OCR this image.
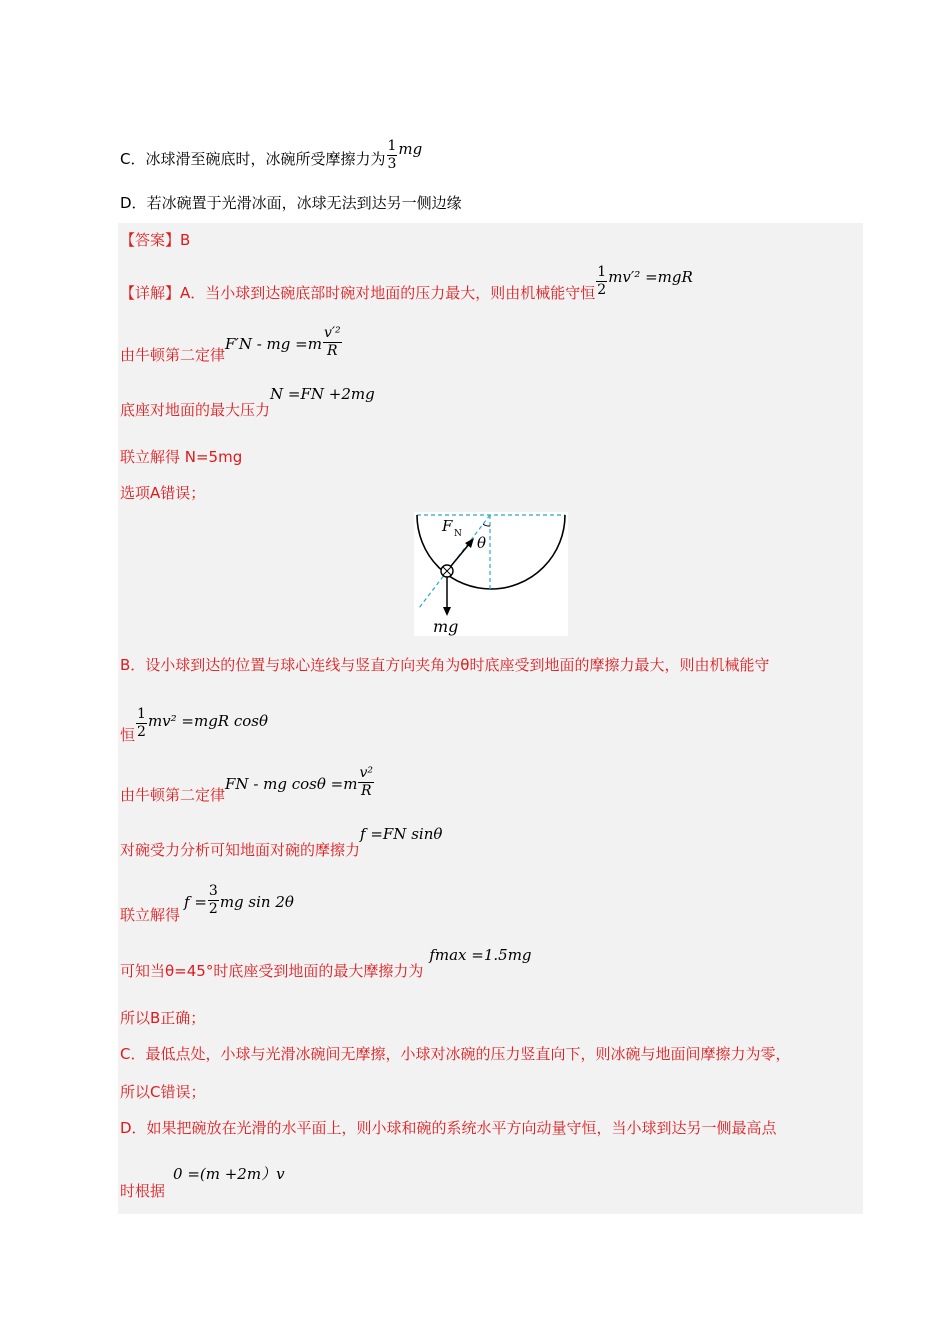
C．冰球滑至碗底时，冰碗所受摩擦力为 $\frac{1}{3}$ mg
D．若冰碗置于光滑冰面，冰球无法到达另一侧边缘
【答案】B
【详解】A．当小球到达碗底部时碗对地面的压力最大，则由机械能守恒 $\frac{1}{2} mv'^2 =mgR$
由牛顿第二定律F′N - mg $=m \frac{\text{v′²}}{R}$
底座对地面的最大压力N =FN +2mg
联立解得 N=5mg
选项A错误；
F N θ
mg
B．设小球到达的位置与球心连线与竖直方向夹角为θ时底座受到地面的摩擦力最大，则由机械能守
恒 $\frac{1}{2} mv^2 =mgR$ cosθ
由牛顿第二定律FN - mg $\cos\theta =m \frac{\text{v²}}{R}$
对碗受力分析可知地面对碗的摩擦力f =FN sinθ
联立解得$f = \frac{3}{2}$ mg sin 2θ
可知当θ=45°时底座受到地面的最大摩擦力为fmax =1.5mg
所以B正确；
C．最低点处，小球与光滑冰碗间无摩擦，小球对冰碗的压力竖直向下，则冰碗与地面间摩擦力为零，
所以C错误；
D．如果把碗放在光滑的水平面上，则小球和碗的系统水平方向动量守恒，当小球到达另一侧最高点
时根据0 =(m +2m）v
